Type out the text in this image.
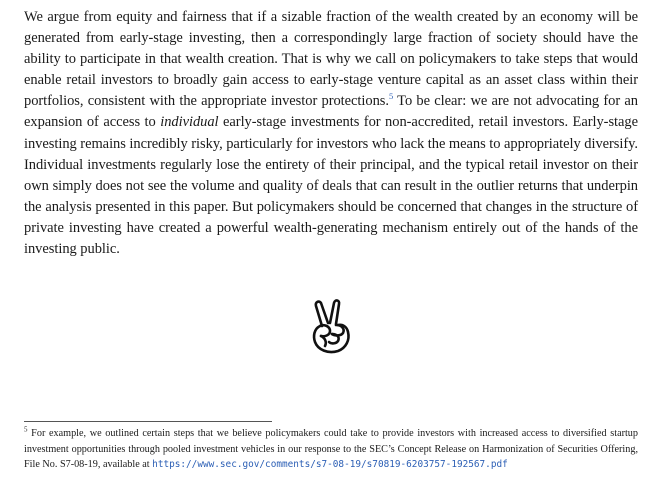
We argue from equity and fairness that if a sizable fraction of the wealth created by an economy will be generated from early-stage investing, then a correspondingly large fraction of society should have the ability to participate in that wealth creation. That is why we call on policymakers to take steps that would enable retail investors to broadly gain access to early-stage venture capital as an asset class within their portfolios, consistent with the appropriate investor protections.$^5$ To be clear: we are not advocating for an expansion of access to individual early-stage investments for non-accredited, retail investors. Early-stage investing remains incredibly risky, particularly for investors who lack the means to appropriately diversify. Individual investments regularly lose the entirety of their principal, and the typical retail investor on their own simply does not see the volume and quality of deals that can result in the outlier returns that underpin the analysis presented in this paper. But policymakers should be concerned that changes in the structure of private investing have created a powerful wealth-generating mechanism entirely out of the hands of the investing public.

$^5$ For example, we outlined certain steps that we believe policymakers could take to provide investors with increased access to diversified startup investment opportunities through pooled investment vehicles in our response to the SEC’s Concept Release on Harmonization of Securities Offering, File No. S7-08-19, available at https://www.sec.gov/comments/s7-08-19/s70819-6203757-192567.pdf
